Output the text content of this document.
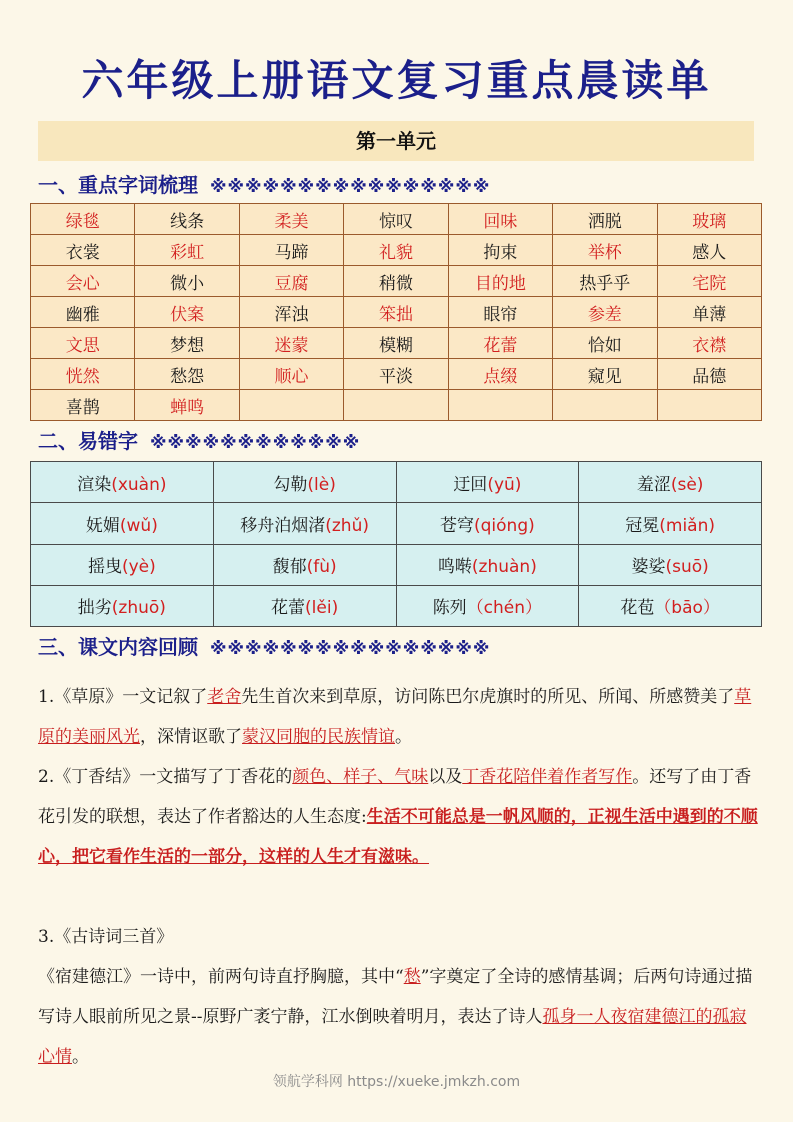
六年级上册语文复习重点晨读单
第一单元
一、重点字词梳理 ※※※※※※※※※※※※※※※※
绿毯	线条	柔美	惊叹	回味	洒脱	玻璃
衣裳	彩虹	马蹄	礼貌	拘束	举杯	感人
会心	微小	豆腐	稍微	目的地	热乎乎	宅院
幽雅	伏案	浑浊	笨拙	眼帘	参差	单薄
文思	梦想	迷蒙	模糊	花蕾	恰如	衣襟
恍然	愁怨	顺心	平淡	点缀	窥见	品德
喜鹊	蝉鸣					
二、易错字 ※※※※※※※※※※※※
渲染(xuàn)	勾勒(lè)	迂回(yū)	羞涩(sè)
妩媚(wǔ)	移舟泊烟渚(zhǔ)	苍穹(qióng)	冠冕(miǎn)
摇曳(yè)	馥郁(fù)	鸣啭(zhuàn)	婆娑(suō)
拙劣(zhuō)	花蕾(lěi)	陈列（chén）	花苞（bāo）
三、课文内容回顾 ※※※※※※※※※※※※※※※※
1.《草原》一文记叙了老舍先生首次来到草原，访问陈巴尔虎旗时的所见、所闻、所感赞美了草原的美丽风光，深情讴歌了蒙汉同胞的民族情谊。
2.《丁香结》一文描写了丁香花的颜色、样子、气味以及丁香花陪伴着作者写作。还写了由丁香花引发的联想，表达了作者豁达的人生态度:生活不可能总是一帆风顺的，正视生活中遇到的不顺心，把它看作生活的一部分，这样的人生才有滋味。
3.《古诗词三首》
《宿建德江》一诗中，前两句诗直抒胸臆，其中“愁”字奠定了全诗的感情基调；后两句诗通过描写诗人眼前所见之景--原野广袤宁静，江水倒映着明月，表达了诗人孤身一人夜宿建德江的孤寂心情。
领航学科网 https://xueke.jmkzh.com
